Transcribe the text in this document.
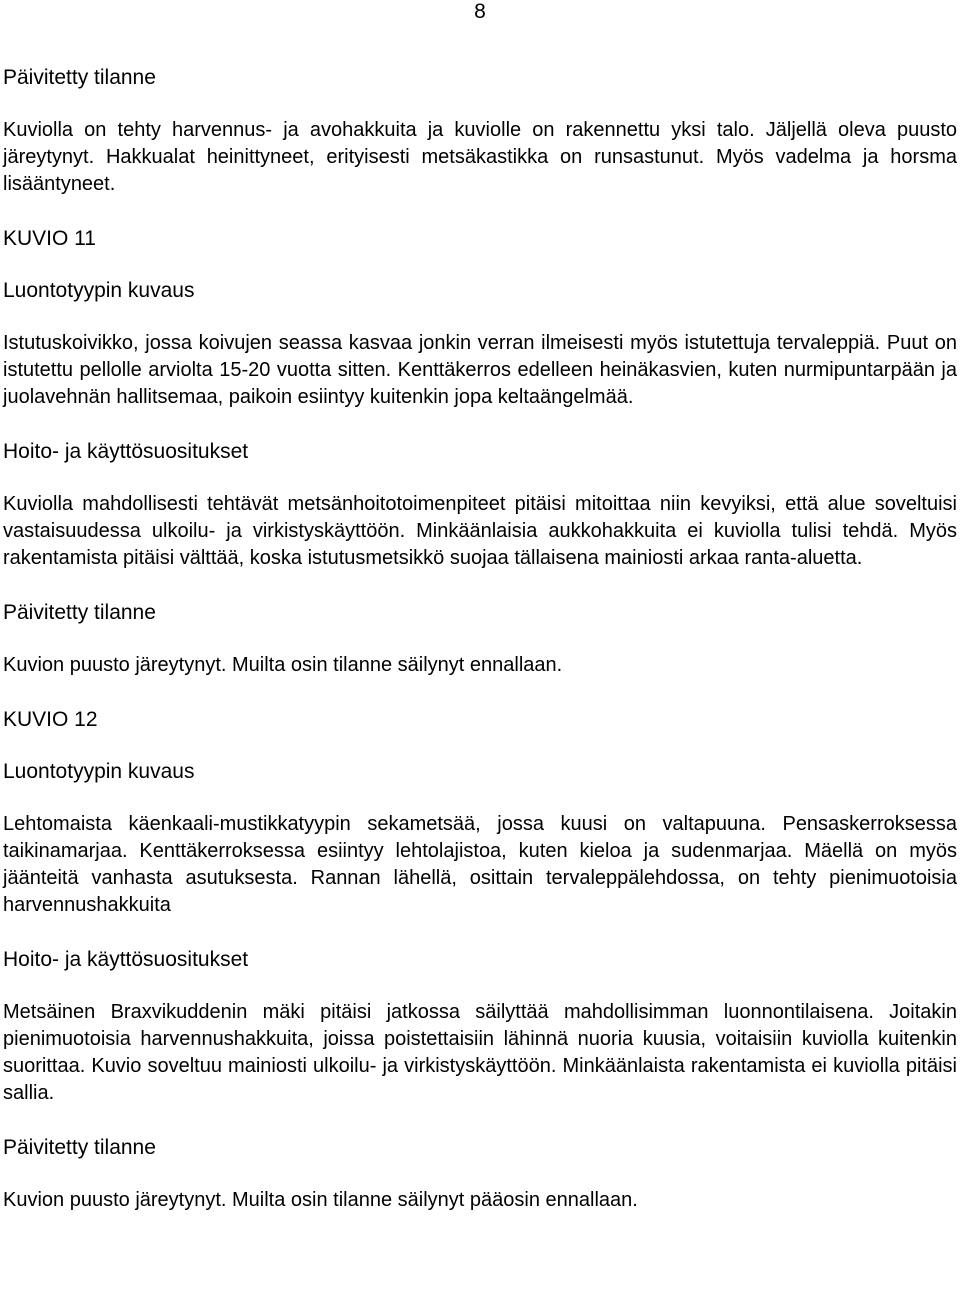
8
Päivitetty tilanne
Kuviolla on tehty harvennus- ja avohakkuita ja kuviolle on rakennettu yksi talo. Jäljellä oleva puusto järeytynyt. Hakkualat heinittyneet, erityisesti metsäkastikka on runsastunut. Myös vadelma ja horsma lisääntyneet.
KUVIO 11
Luontotyypin kuvaus
Istutuskoivikko, jossa koivujen seassa kasvaa jonkin verran ilmeisesti myös istutettuja tervaleppiä. Puut on istutettu pellolle arviolta 15-20 vuotta sitten. Kenttäkerros edelleen heinäkasvien, kuten nurmipuntarpään ja juolavehnän hallitsemaa, paikoin esiintyy kuitenkin jopa keltaängelmää.
Hoito- ja käyttösuositukset
Kuviolla mahdollisesti tehtävät metsänhoitotoimenpiteet pitäisi mitoittaa niin kevyiksi, että alue soveltuisi vastaisuudessa ulkoilu- ja virkistyskäyttöön. Minkäänlaisia aukkohakkuita ei kuviolla tulisi tehdä. Myös rakentamista pitäisi välttää, koska istutusmetsikkö suojaa tällaisena mainiosti arkaa ranta-aluetta.
Päivitetty tilanne
Kuvion puusto järeytynyt. Muilta osin tilanne säilynyt ennallaan.
KUVIO 12
Luontotyypin kuvaus
Lehtomaista käenkaali-mustikkatyypin sekametsää, jossa kuusi on valtapuuna. Pensaskerroksessa taikinamarjaa. Kenttäkerroksessa esiintyy lehtolajistoa, kuten kieloa ja sudenmarjaa. Mäellä on myös jäänteitä vanhasta asutuksesta. Rannan lähellä, osittain tervaleppälehdossa, on tehty pienimuotoisia harvennushakkuita
Hoito- ja käyttösuositukset
Metsäinen Braxvikuddenin mäki pitäisi jatkossa säilyttää mahdollisimman luonnontilaisena. Joitakin pienimuotoisia harvennushakkuita, joissa poistettaisiin lähinnä nuoria kuusia, voitaisiin kuviolla kuitenkin suorittaa. Kuvio soveltuu mainiosti ulkoilu- ja virkistyskäyttöön. Minkäänlaista rakentamista ei kuviolla pitäisi sallia.
Päivitetty tilanne
Kuvion puusto järeytynyt. Muilta osin tilanne säilynyt pääosin ennallaan.
